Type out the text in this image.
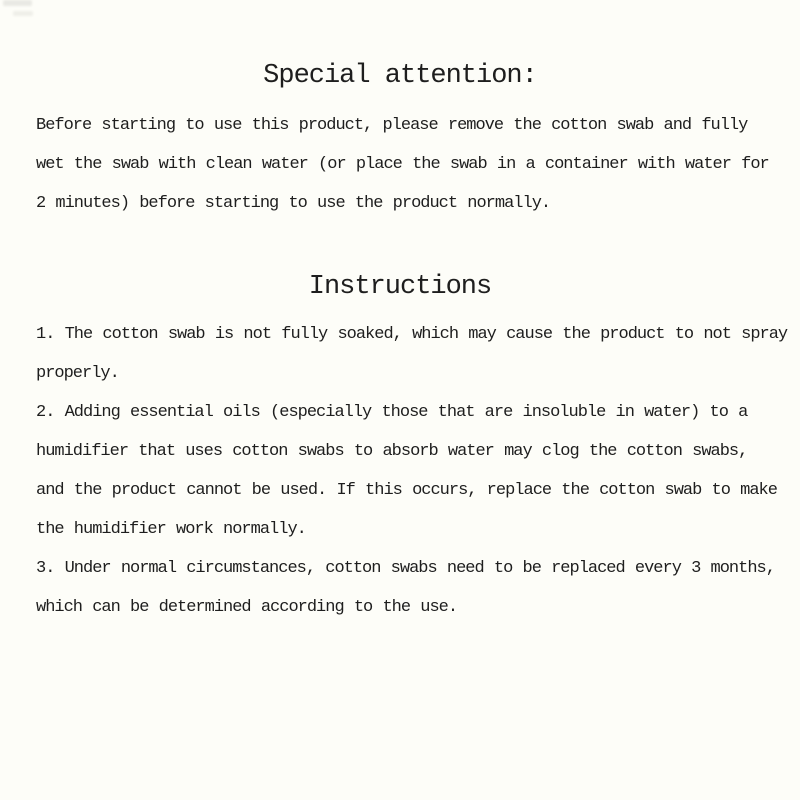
Special attention:
Before starting to use this product, please remove the cotton swab and fully
wet the swab with clean water (or place the swab in a container with water for
2 minutes) before starting to use the product normally.
Instructions
1. The cotton swab is not fully soaked, which may cause the product to not spray
properly.
2. Adding essential oils (especially those that are insoluble in water) to a
humidifier that uses cotton swabs to absorb water may clog the cotton swabs,
and the product cannot be used. If this occurs, replace the cotton swab to make
the humidifier work normally.
3. Under normal circumstances, cotton swabs need to be replaced every 3 months,
which can be determined according to the use.
